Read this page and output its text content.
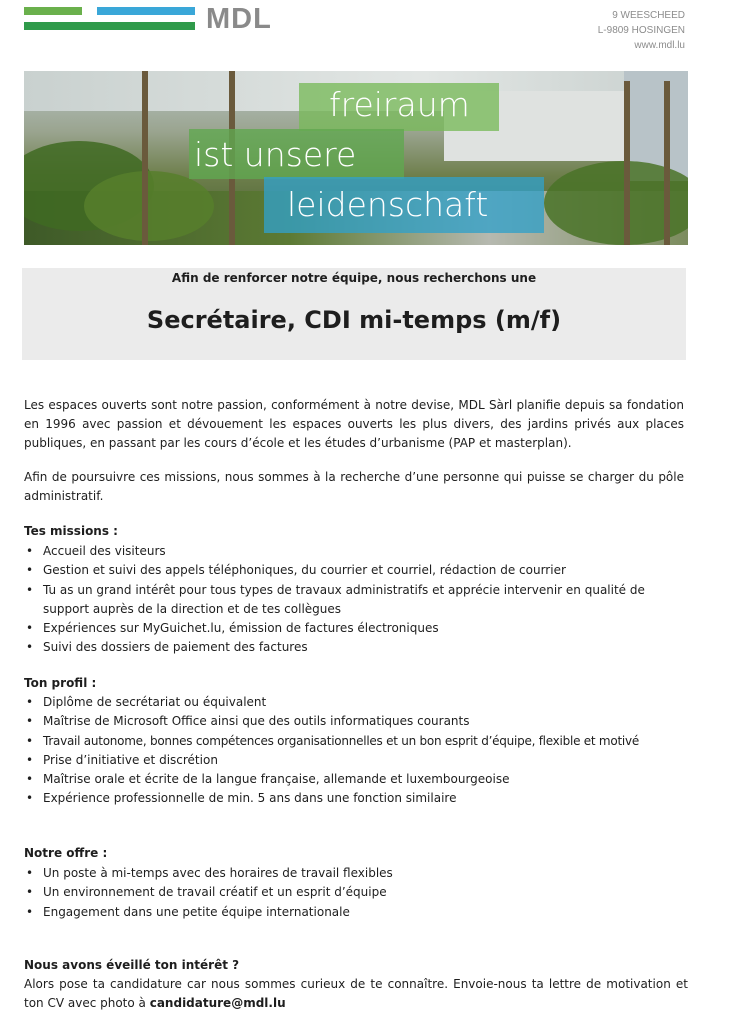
MDL	9 WEESCHEED
L-9809 HOSINGEN
www.mdl.lu
freiraum
ist unsere
leidenschaft
Afin de renforcer notre équipe, nous recherchons une
Secrétaire, CDI mi-temps (m/f)
Les espaces ouverts sont notre passion, conformément à notre devise, MDL Sàrl planifie depuis sa fondation en 1996 avec passion et dévouement les espaces ouverts les plus divers, des jardins privés aux places publiques, en passant par les cours d’école et les études d’urbanisme (PAP et masterplan).
Afin de poursuivre ces missions, nous sommes à la recherche d’une personne qui puisse se charger du pôle administratif.
Tes missions :
• Accueil des visiteurs
• Gestion et suivi des appels téléphoniques, du courrier et courriel, rédaction de courrier
• Tu as un grand intérêt pour tous types de travaux administratifs et apprécie intervenir en qualité de support auprès de la direction et de tes collègues
• Expériences sur MyGuichet.lu, émission de factures électroniques
• Suivi des dossiers de paiement des factures
Ton profil :
• Diplôme de secrétariat ou équivalent
• Maîtrise de Microsoft Office ainsi que des outils informatiques courants
• Travail autonome, bonnes compétences organisationnelles et un bon esprit d’équipe, flexible et motivé
• Prise d’initiative et discrétion
• Maîtrise orale et écrite de la langue française, allemande et luxembourgeoise
• Expérience professionnelle de min. 5 ans dans une fonction similaire
Notre offre :
• Un poste à mi-temps avec des horaires de travail flexibles
• Un environnement de travail créatif et un esprit d’équipe
• Engagement dans une petite équipe internationale
Nous avons éveillé ton intérêt ?
Alors pose ta candidature car nous sommes curieux de te connaître. Envoie-nous ta lettre de motivation et ton CV avec photo à candidature@mdl.lu
